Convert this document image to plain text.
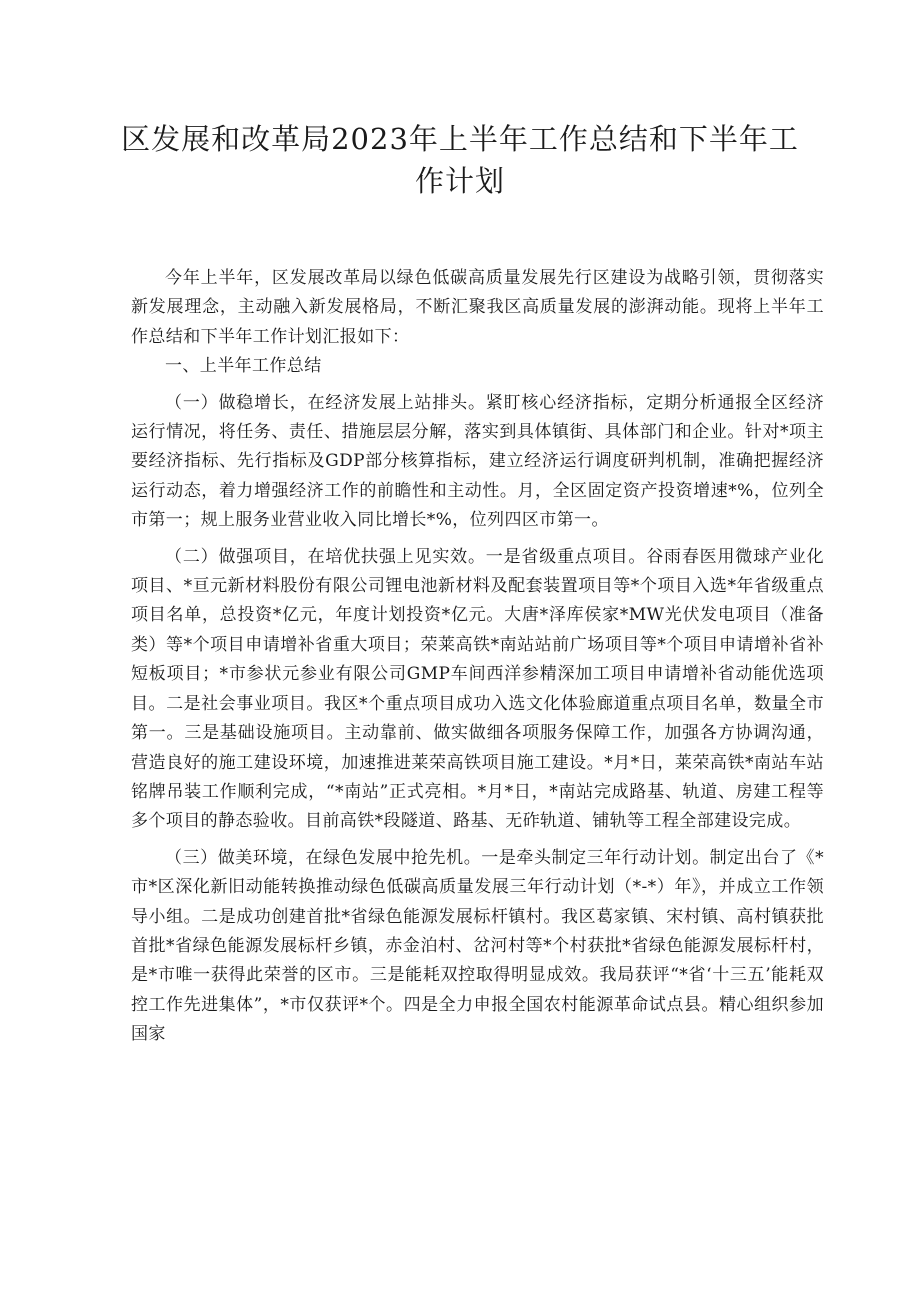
区发展和改革局2023年上半年工作总结和下半年工作计划

今年上半年，区发展改革局以绿色低碳高质量发展先行区建设为战略引领，贯彻落实新发展理念，主动融入新发展格局，不断汇聚我区高质量发展的澎湃动能。现将上半年工作总结和下半年工作计划汇报如下：

一、上半年工作总结

（一）做稳增长，在经济发展上站排头。紧盯核心经济指标，定期分析通报全区经济运行情况，将任务、责任、措施层层分解，落实到具体镇街、具体部门和企业。针对*项主要经济指标、先行指标及GDP部分核算指标，建立经济运行调度研判机制，准确把握经济运行动态，着力增强经济工作的前瞻性和主动性。月，全区固定资产投资增速*%，位列全市第一；规上服务业营业收入同比增长*%，位列四区市第一。

（二）做强项目，在培优扶强上见实效。一是省级重点项目。谷雨春医用微球产业化项目、*亘元新材料股份有限公司锂电池新材料及配套装置项目等*个项目入选*年省级重点项目名单，总投资*亿元，年度计划投资*亿元。大唐*泽库侯家*MW光伏发电项目（准备类）等*个项目申请增补省重大项目；荣莱高铁*南站站前广场项目等*个项目申请增补省补短板项目；*市参状元参业有限公司GMP车间西洋参精深加工项目申请增补省动能优选项目。二是社会事业项目。我区*个重点项目成功入选文化体验廊道重点项目名单，数量全市第一。三是基础设施项目。主动靠前、做实做细各项服务保障工作，加强各方协调沟通，营造良好的施工建设环境，加速推进莱荣高铁项目施工建设。*月*日，莱荣高铁*南站车站铭牌吊装工作顺利完成，“*南站”正式亮相。*月*日，*南站完成路基、轨道、房建工程等多个项目的静态验收。目前高铁*段隧道、路基、无砟轨道、铺轨等工程全部建设完成。

（三）做美环境，在绿色发展中抢先机。一是牵头制定三年行动计划。制定出台了《*市*区深化新旧动能转换推动绿色低碳高质量发展三年行动计划（*-*）年》，并成立工作领导小组。二是成功创建首批*省绿色能源发展标杆镇村。我区葛家镇、宋村镇、高村镇获批首批*省绿色能源发展标杆乡镇，赤金泊村、岔河村等*个村获批*省绿色能源发展标杆村，是*市唯一获得此荣誉的区市。三是能耗双控取得明显成效。我局获评“*省‘十三五’能耗双控工作先进集体”，*市仅获评*个。四是全力申报全国农村能源革命试点县。精心组织参加国家
